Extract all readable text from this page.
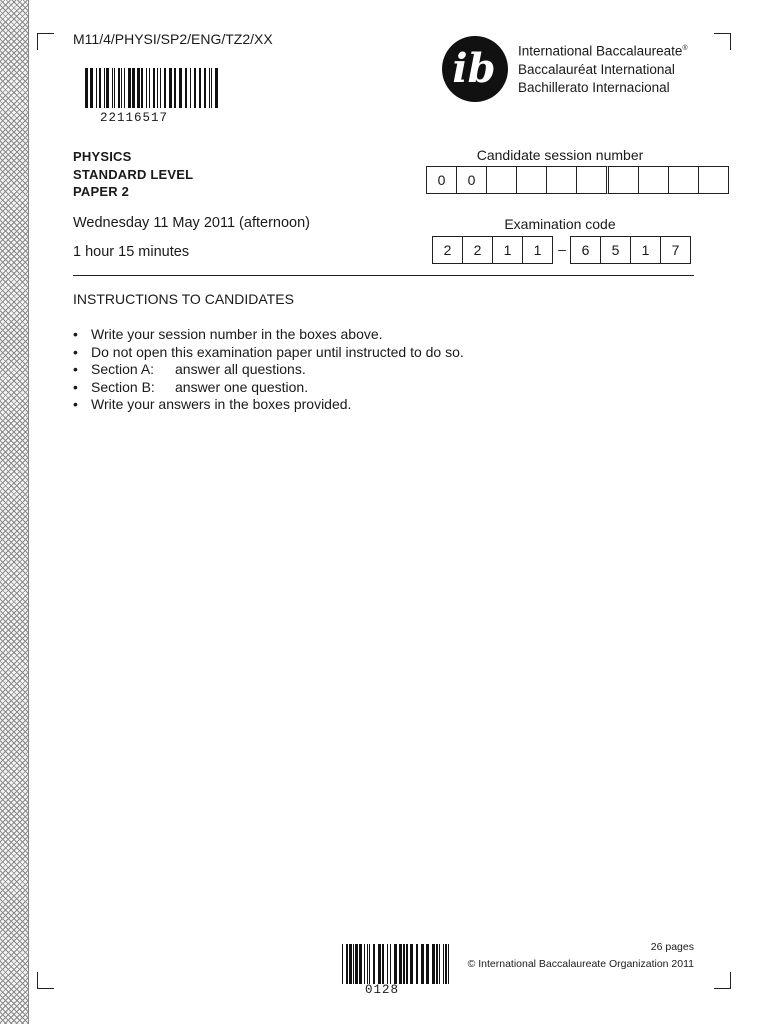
M11/4/PHYSI/SP2/ENG/TZ2/XX
22116517
ib International Baccalaureate®
Baccalauréat International
Bachillerato Internacional
PHYSICS
STANDARD LEVEL
PAPER 2
Candidate session number
0	0
Examination code
2	2	1	1	–	6	5	1	7
Wednesday 11 May 2011 (afternoon)
1 hour 15 minutes
INSTRUCTIONS TO CANDIDATES
• Write your session number in the boxes above.
• Do not open this examination paper until instructed to do so.
• Section A:	answer all questions.
• Section B:	answer one question.
• Write your answers in the boxes provided.
0128
26 pages
© International Baccalaureate Organization 2011
